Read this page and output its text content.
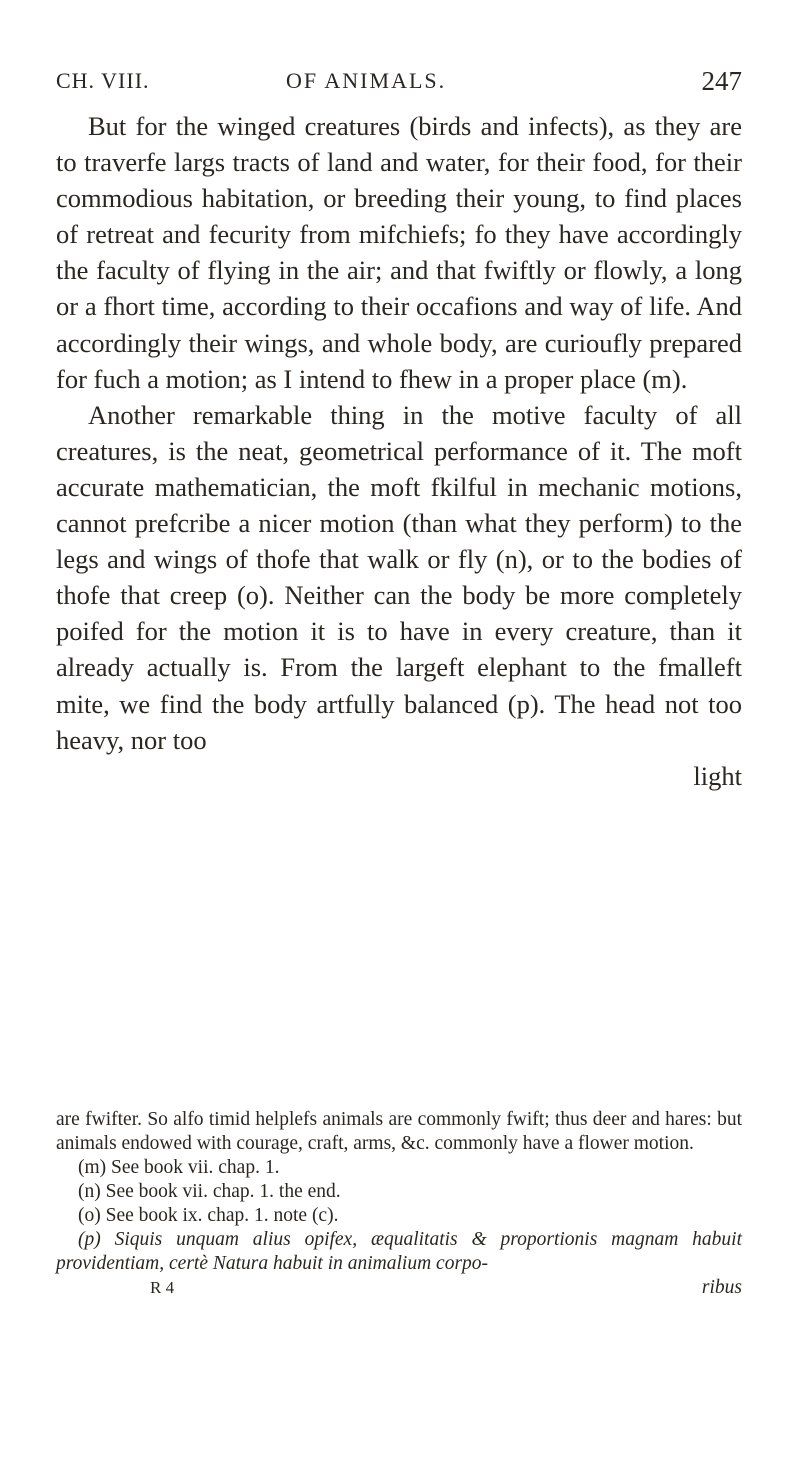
CH. VIII.	OF ANIMALS.	247

But for the winged creatures (birds and infects), as they are to traverfe largs tracts of land and water, for their food, for their commodious habitation, or breeding their young, to find places of retreat and fecurity from mifchiefs; fo they have accordingly the faculty of flying in the air; and that fwiftly or flowly, a long or a fhort time, according to their occafions and way of life. And accordingly their wings, and whole body, are curioufly prepared for fuch a motion; as I intend to fhew in a proper place (m).

Another remarkable thing in the motive faculty of all creatures, is the neat, geometrical performance of it. The moft accurate mathematician, the moft fkilful in mechanic motions, cannot prefcribe a nicer motion (than what they perform) to the legs and wings of thofe that walk or fly (n), or to the bodies of thofe that creep (o). Neither can the body be more completely poifed for the motion it is to have in every creature, than it already actually is. From the largeft elephant to the fmalleft mite, we find the body artfully balanced (p). The head not too heavy, nor too

light

are fwifter. So alfo timid helplefs animals are commonly fwift; thus deer and hares: but animals endowed with courage, craft, arms, &c. commonly have a flower motion.

(m) See book vii. chap. 1.

(n) See book vii. chap. 1. the end.

(o) See book ix. chap. 1. note (c).

(p) Siquis unquam alius opifex, æqualitatis & proportionis magnam habuit providentiam, certè Natura habuit in animalium corpo-

R 4	ribus
